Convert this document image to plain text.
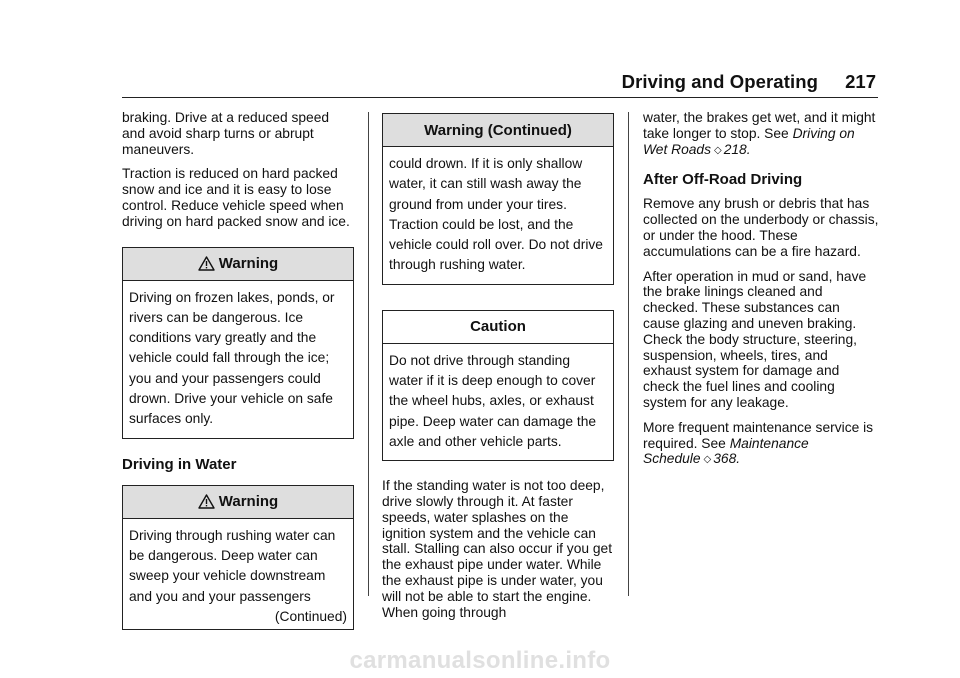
Driving and Operating 217

braking. Drive at a reduced speed and avoid sharp turns or abrupt maneuvers.

Traction is reduced on hard packed snow and ice and it is easy to lose control. Reduce vehicle speed when driving on hard packed snow and ice.

Warning
Driving on frozen lakes, ponds, or rivers can be dangerous. Ice conditions vary greatly and the vehicle could fall through the ice; you and your passengers could drown. Drive your vehicle on safe surfaces only.
Driving in Water
Warning
Driving through rushing water can be dangerous. Deep water can sweep your vehicle downstream and you and your passengers
(Continued)
Warning (Continued)
could drown. If it is only shallow water, it can still wash away the ground from under your tires. Traction could be lost, and the vehicle could roll over. Do not drive through rushing water.
Caution
Do not drive through standing water if it is deep enough to cover the wheel hubs, axles, or exhaust pipe. Deep water can damage the axle and other vehicle parts.

If the standing water is not too deep, drive slowly through it. At faster speeds, water splashes on the ignition system and the vehicle can stall. Stalling can also occur if you get the exhaust pipe under water. While the exhaust pipe is under water, you will not be able to start the engine. When going through

water, the brakes get wet, and it might take longer to stop. See Driving on Wet Roads ◇ 218.

After Off-Road Driving

Remove any brush or debris that has collected on the underbody or chassis, or under the hood. These accumulations can be a fire hazard.

After operation in mud or sand, have the brake linings cleaned and checked. These substances can cause glazing and uneven braking. Check the body structure, steering, suspension, wheels, tires, and exhaust system for damage and check the fuel lines and cooling system for any leakage.

More frequent maintenance service is required. See Maintenance Schedule ◇ 368.

carmanualsonline.info
